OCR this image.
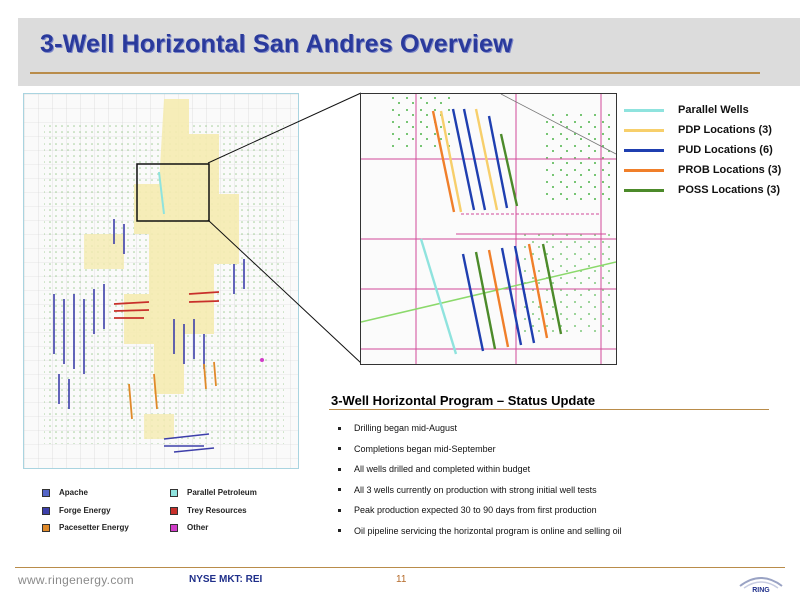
3-Well Horizontal San Andres Overview
Parallel Wells
PDP Locations (3)
PUD Locations (6)
PROB Locations (3)
POSS Locations (3)
Apache	Parallel Petroleum
Forge Energy	Trey Resources
Pacesetter Energy	Other
3-Well Horizontal Program – Status Update
Drilling began mid-August
Completions began mid-September
All wells drilled and completed within budget
All 3 wells currently on production with strong initial well tests
Peak production expected 30 to 90 days from first production
Oil pipeline servicing the horizontal program is online and selling oil
www.ringenergy.com	NYSE MKT: REI	11
RING
